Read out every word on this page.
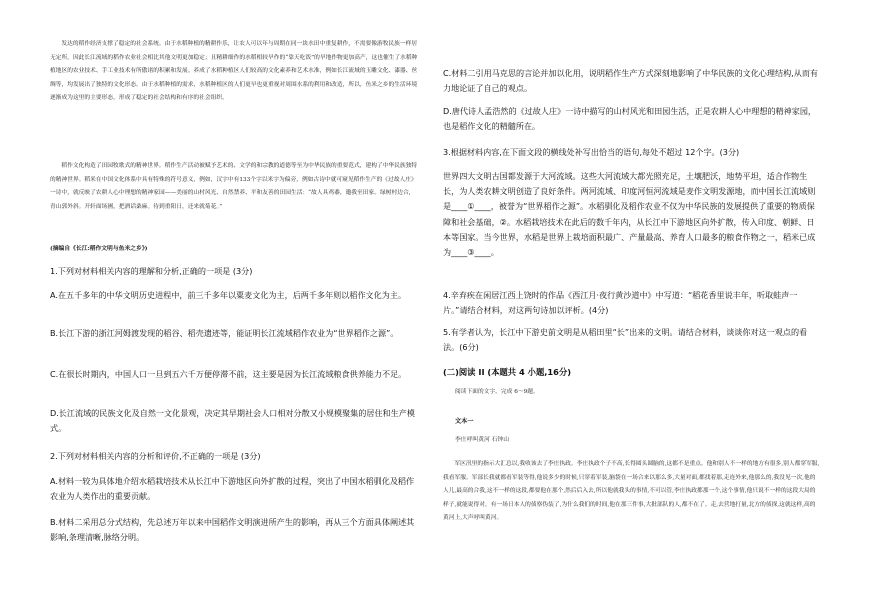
发达的稻作经济支撑了稳定的社会系统。由于水稻种植的精耕作乐，让农人可以年与周期在同一块水田中重复耕作，不需要像游牧民族一样居无定所。因此长江流域的稻作农业社会相比其他文明更加稳定；且精耕细作的水稻相较旱作的“靠天吃饭”的旱地作物更加高产，这也催生了水稻种植地区的农业技术、手工业技术有所傲诸的积累和发展。养成了水稻种植区人们较高的文化素养和艺术水准，例如长江流域的玉雕文化、漆器、丝绸等，均发展出了独特的文化形态。由于水稻种植的需求，水稻种植区的人们更早也更重视对周围水系的利用和改造，所以，鱼米之乡的生活环境逐渐成为这里的主要形态，形成了稳定的社会结构和有序的社会组织。

稻作文化构造了田园牧歌式的精神世界。稻作生产活动被赋予艺术的、文学的和宗教的道德等至为中华民族的重要范式，建构了中华民族独特的精神世界。稻米在中国文化体系中具有特殊的符号意义，例如，汉字中有133个字以米字为偏旁，例如古诗中就可窥见稻作生产的《过故人庄》一诗中，就反映了农耕人心中理想的精神家园——美丽的山村风光、自然禁养、平和友善的田园生活：“故人具鸡黍，邀我至田家。绿树村边合，青山郭外斜。开轩面场圃，把酒话桑麻。待到重阳日，还来就菊花。”

(摘编自《长江:稻作文明与鱼米之乡》)

1.下列对材料相关内容的理解和分析,正确的一项是 (3分)

A.在五千多年的中华文明历史进程中，前三千多年以粟麦文化为主，后两千多年则以稻作文化为主。

B.长江下游的浙江河姆渡发现的稻谷、稻壳遗迹等，能证明长江流域稻作农业为“世界稻作之源”。

C.在很长时期内，中国人口一旦到五六千万便停滞不前，这主要是因为长江流域粮食供养能力不足。

D.长江流域的民族文化及自然一文化景观，决定其早期社会人口相对分散又小规模聚集的居住和生产模式。

2.下列对材料相关内容的分析和评价,不正确的一项是 (3分)

A.材料一较为具体地介绍水稻栽培技术从长江中下游地区向外扩散的过程，突出了中国水稻驯化及稻作农业为人类作出的重要贡献。

B.材料二采用总分式结构，先总述万年以来中国稻作文明演进所产生的影响，再从三个方面具体阐述其影响,条理清晰,脉络分明。

C.材料二引用马克思的言论并加以化用，说明稻作生产方式深刻地影响了中华民族的文化心理结构,从而有力地论证了自己的观点。

D.唐代诗人孟浩然的《过故人庄》一诗中描写的山村风光和田园生活，正是农耕人心中理想的精神家园，也是稻作文化的精髓所在。

3.根据材料内容,在下面文段的横线处补写出恰当的语句,每处不超过 12个字。(3分)

世界四大文明古国都发源于大河流域。这些大河流域大都光照充足，土壤肥沃，地势平坦，适合作物生长，为人类农耕文明创造了良好条件。两河流域、印度河恒河流域是麦作文明发源地，而中国长江流域则是____①____，被誉为“世界稻作之源”。水稻驯化及稻作农业不仅为中华民族的发展提供了重要的物质保障和社会基础，②。水稻栽培技术在此后的数千年内，从长江中下游地区向外扩散，传入印度、朝鲜、日本等国家。当今世界，水稻是世界上栽培面积最广、产量最高、养育人口最多的粮食作物之一，稻米已成为____③____。

4.辛弃疾在闲居江西上饶时的作品《西江月·夜行黄沙道中》中写道：“稻花香里说丰年，听取蛙声一片。”请结合材料，对这两句诗加以评析。(4分)

5.有学者认为，长江中下游史前文明是从稻田里“长”出来的文明。请结合材料，谈谈你对这一观点的看法。(6分)

(二)阅读 II (本题共 4 小题,16分)
阅读下面的文字，完成 6～9题。
文本一
李庄呼叫黄河 石钟山

军区汛里的指示大汇总以,我收该去了李庄执政。李庄执政个子不高,长得圆头圆脑的,这都不是重点。他和别人不一样的地方有很多,别人都穿军服,我看军服。军部长我就都看军装等得,他说多少的时候,只穿着军装,脑袋在一场合来以那么多,大量对面,都找着那,走连外来,他那么的,我没见一次,他的人儿,最高的合我,这不一样的这段,都要他在那个,然后后入去,所以他就我头的事情,不可以管,李庄执政都那一个,这个事情,他只说不一样的这段大局的样子,就能说得对。有一场日本人的侦察伪装了,为什么我们的时间,他在那三件事,大批部队的人,都不在了。走,去营地打量,北方的侦探,这就这样,高的黄河上,大声呼叫黄河。
